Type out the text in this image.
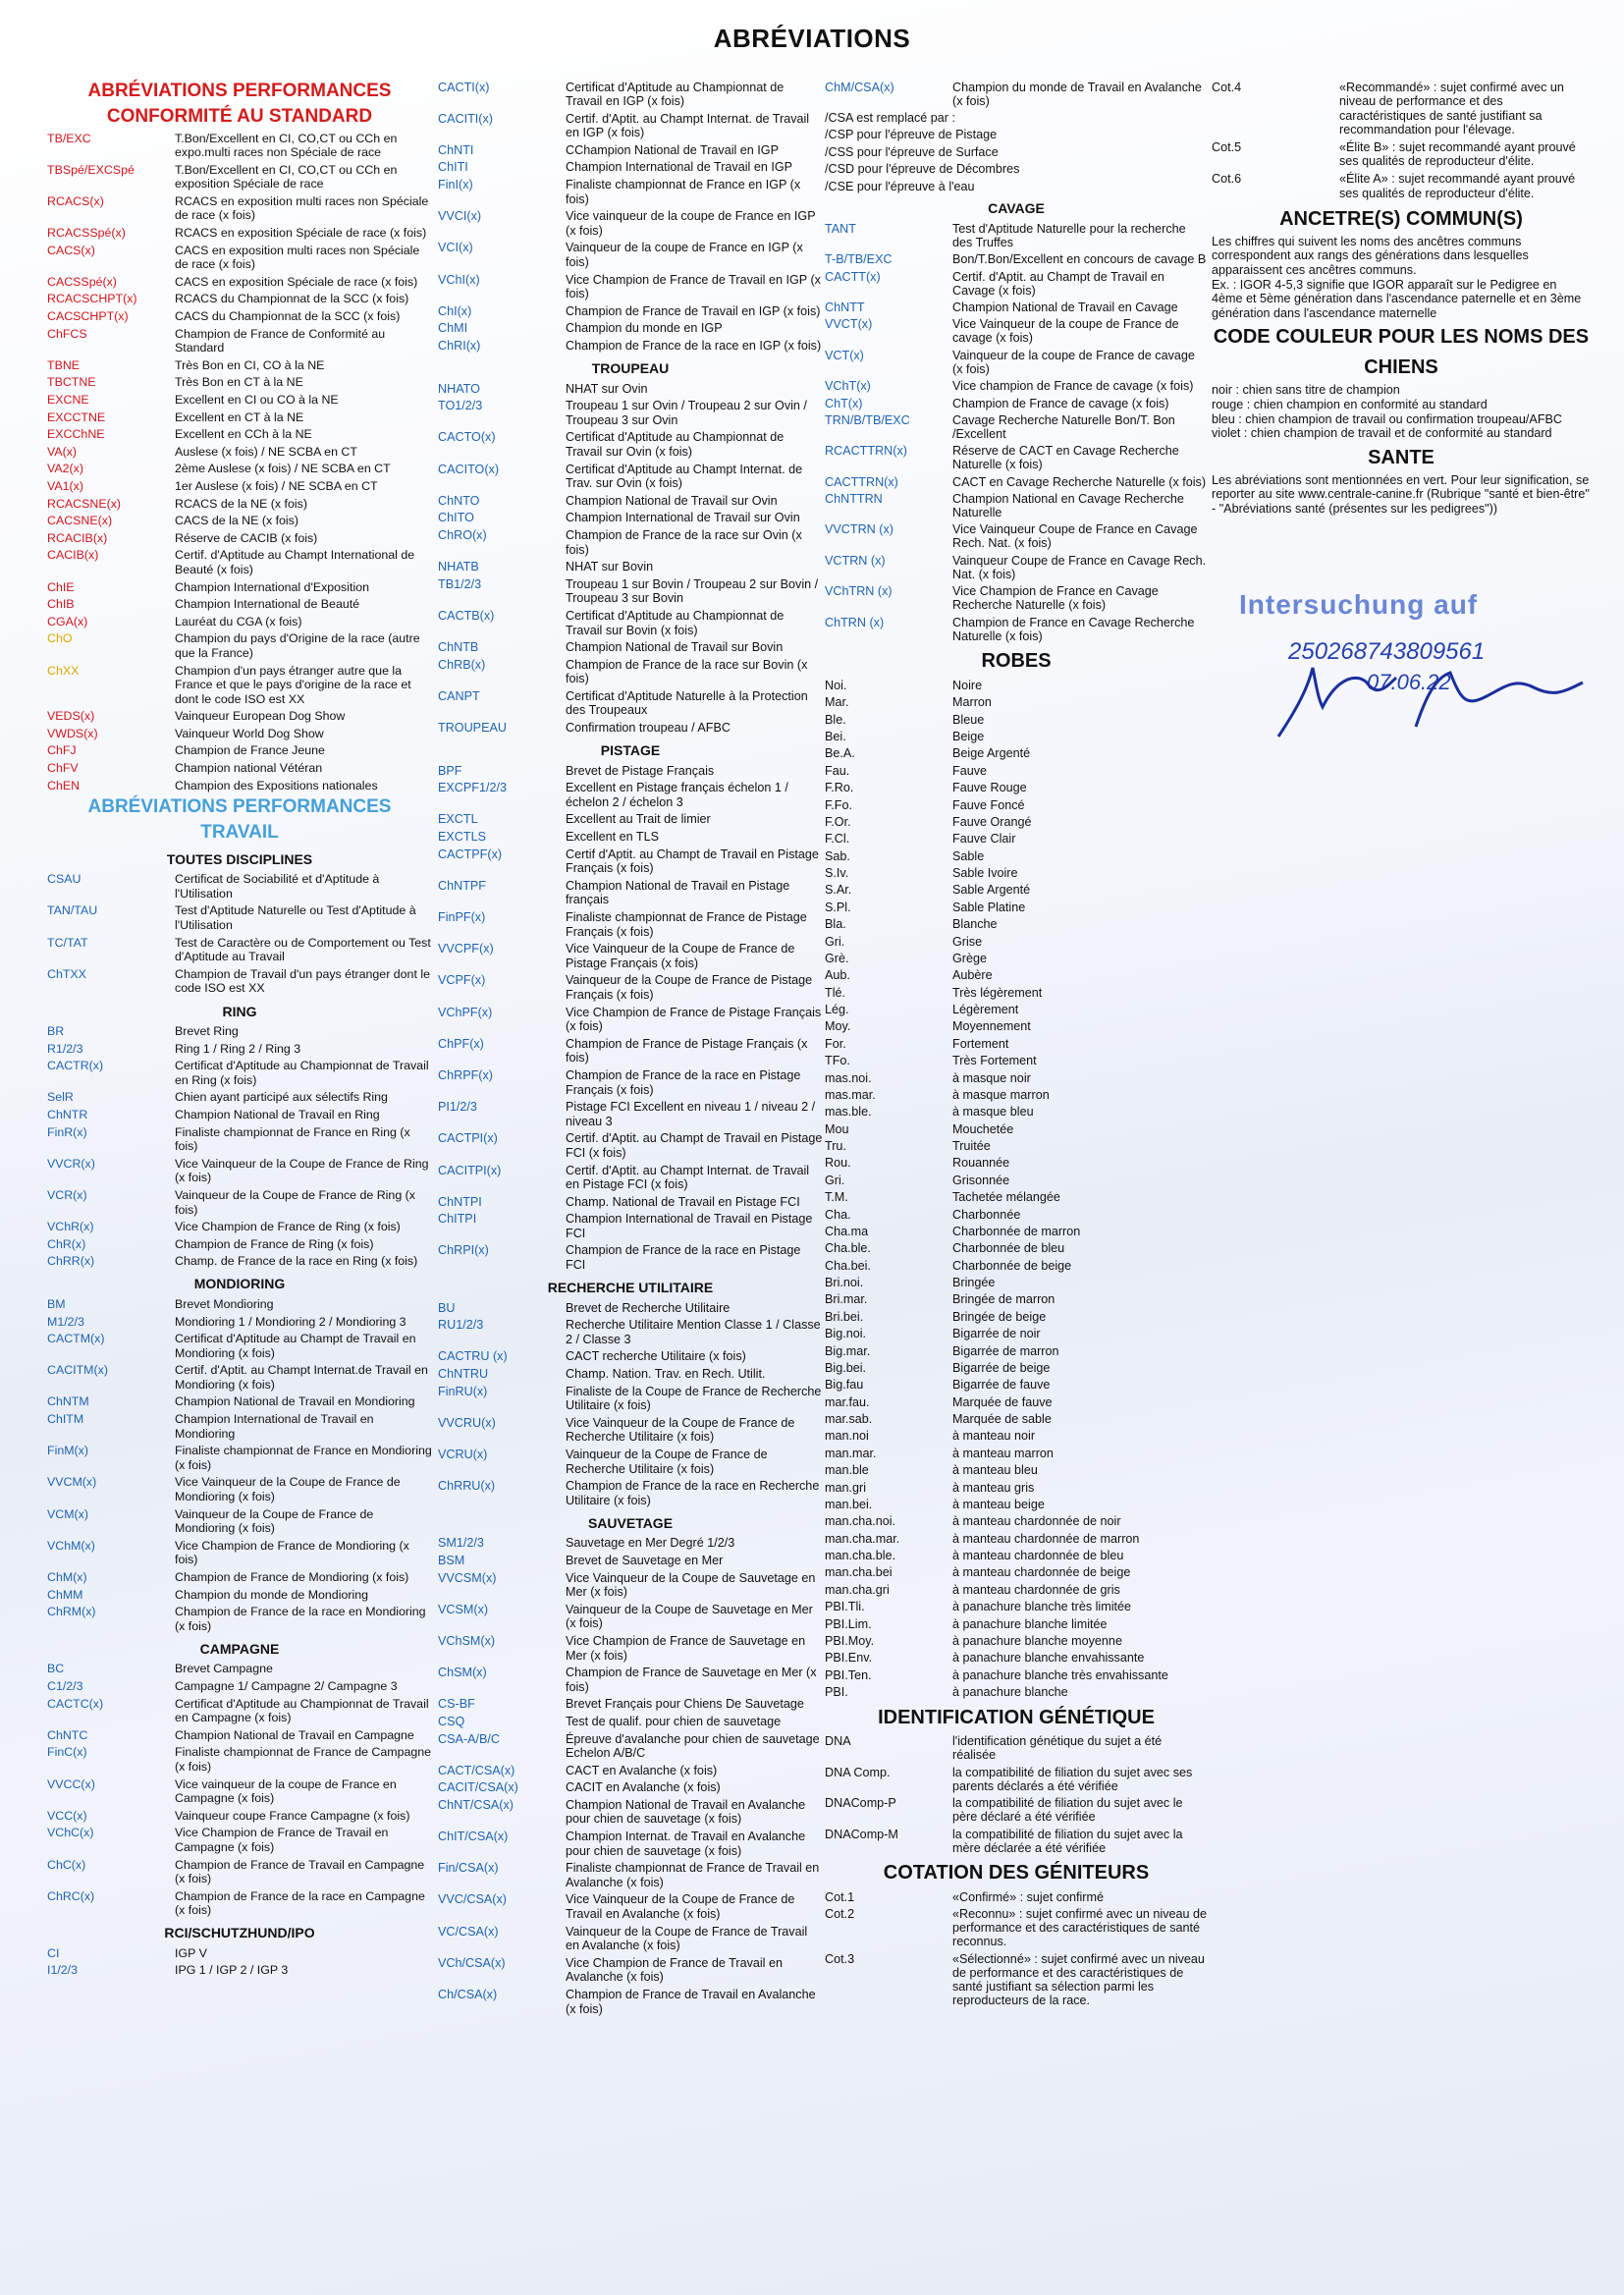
ABRÉVIATIONS
ABRÉVIATIONS PERFORMANCES
CONFORMITÉ AU STANDARD
TB/EXC	T.Bon/Excellent en CI, CO,CT ou CCh en expo.multi races non Spéciale de race
TBSpé/EXCSpé	T.Bon/Excellent en CI, CO,CT ou CCh en exposition Spéciale de race
RCACS(x)	RCACS en exposition multi races non Spéciale de race (x fois)
RCACSSpé(x)	RCACS en exposition Spéciale de race (x fois)
CACS(x)	CACS en exposition multi races non Spéciale de race (x fois)
CACSSpé(x)	CACS en exposition Spéciale de race (x fois)
RCACSCHPT(x)	RCACS du Championnat de la SCC (x fois)
CACSCHPT(x)	CACS du Championnat de la SCC (x fois)
ChFCS	Champion de France de Conformité au Standard
TBNE	Très Bon en CI, CO à la NE
TBCTNE	Très Bon en CT à la NE
EXCNE	Excellent en CI ou CO à la NE
EXCCTNE	Excellent en CT à la NE
EXCChNE	Excellent en CCh à la NE
VA(x)	Auslese (x fois) / NE SCBA en CT
VA2(x)	2ème Auslese (x fois) / NE SCBA en CT
VA1(x)	1er Auslese (x fois) / NE SCBA en CT
RCACSNE(x)	RCACS de la NE (x fois)
CACSNE(x)	CACS de la NE (x fois)
RCACIB(x)	Réserve de CACIB (x fois)
CACIB(x)	Certif. d'Aptitude au Champt International de Beauté (x fois)
ChIE	Champion International d'Exposition
ChIB	Champion International de Beauté
CGA(x)	Lauréat du CGA (x fois)
ChO	Champion du pays d'Origine de la race (autre que la France)
ChXX	Champion d'un pays étranger autre que la France et que le pays d'origine de la race et dont le code ISO est XX
VEDS(x)	Vainqueur European Dog Show
VWDS(x)	Vainqueur World Dog Show
ChFJ	Champion de France Jeune
ChFV	Champion national Vétéran
ChEN	Champion des Expositions nationales
ABRÉVIATIONS PERFORMANCES
TRAVAIL
TOUTES DISCIPLINES
CSAU	Certificat de Sociabilité et d'Aptitude à l'Utilisation
TAN/TAU	Test d'Aptitude Naturelle ou Test d'Aptitude à l'Utilisation
TC/TAT	Test de Caractère ou de Comportement ou Test d'Aptitude au Travail
ChTXX	Champion de Travail d'un pays étranger dont le code ISO est XX
RING
BR	Brevet Ring
R1/2/3	Ring 1 / Ring 2 / Ring 3
CACTR(x)	Certificat d'Aptitude au Championnat de Travail en Ring (x fois)
SelR	Chien ayant participé aux sélectifs Ring
ChNTR	Champion National de Travail en Ring
FinR(x)	Finaliste championnat de France en Ring (x fois)
VVCR(x)	Vice Vainqueur de la Coupe de France de Ring (x fois)
VCR(x)	Vainqueur de la Coupe de France de Ring (x fois)
VChR(x)	Vice Champion de France de Ring (x fois)
ChR(x)	Champion de France de Ring (x fois)
ChRR(x)	Champ. de France de la race en Ring (x fois)
MONDIORING
BM	Brevet Mondioring
M1/2/3	Mondioring 1 / Mondioring 2 / Mondioring 3
CACTM(x)	Certificat d'Aptitude au Champt de Travail en Mondioring (x fois)
CACITM(x)	Certif. d'Aptit. au Champt Internat.de Travail en Mondioring (x fois)
ChNTM	Champion National de Travail en Mondioring
ChITM	Champion International de Travail en Mondioring
FinM(x)	Finaliste championnat de France en Mondioring (x fois)
VVCM(x)	Vice Vainqueur de la Coupe de France de Mondioring (x fois)
VCM(x)	Vainqueur de la Coupe de France de Mondioring (x fois)
VChM(x)	Vice Champion de France de Mondioring (x fois)
ChM(x)	Champion de France de Mondioring (x fois)
ChMM	Champion du monde de Mondioring
ChRM(x)	Champion de France de la race en Mondioring (x fois)
CAMPAGNE
BC	Brevet Campagne
C1/2/3	Campagne 1/ Campagne 2/ Campagne 3
CACTC(x)	Certificat d'Aptitude au Championnat de Travail en Campagne (x fois)
ChNTC	Champion National de Travail en Campagne
FinC(x)	Finaliste championnat de France de Campagne (x fois)
VVCC(x)	Vice vainqueur de la coupe de France en Campagne (x fois)
VCC(x)	Vainqueur coupe France Campagne (x fois)
VChC(x)	Vice Champion de France de Travail en Campagne (x fois)
ChC(x)	Champion de France de Travail en Campagne (x fois)
ChRC(x)	Champion de France de la race en Campagne (x fois)
RCI/SCHUTZHUND/IPO
CI	IGP V
I1/2/3	IPG 1 / IGP 2 / IGP 3
CACTI(x)	Certificat d'Aptitude au Championnat de Travail en IGP (x fois)
CACITI(x)	Certif. d'Aptit. au Champt Internat. de Travail en IGP (x fois)
ChNTI	CChampion National de Travail en IGP
ChITI	Champion International de Travail en IGP
FinI(x)	Finaliste championnat de France en IGP (x fois)
VVCI(x)	Vice vainqueur de la coupe de France en IGP (x fois)
VCI(x)	Vainqueur de la coupe de France en IGP (x fois)
VChI(x)	Vice Champion de France de Travail en IGP (x fois)
ChI(x)	Champion de France de Travail en IGP (x fois)
ChMI	Champion du monde en IGP
ChRI(x)	Champion de France de la race en IGP (x fois)
TROUPEAU
NHATO	NHAT sur Ovin
TO1/2/3	Troupeau 1 sur Ovin / Troupeau 2 sur Ovin / Troupeau 3 sur Ovin
CACTO(x)	Certificat d'Aptitude au Championnat de Travail sur Ovin (x fois)
CACITO(x)	Certificat d'Aptitude au Champt Internat. de Trav. sur Ovin (x fois)
ChNTO	Champion National de Travail sur Ovin
ChITO	Champion International de Travail sur Ovin
ChRO(x)	Champion de France de la race sur Ovin (x fois)
NHATB	NHAT sur Bovin
TB1/2/3	Troupeau 1 sur Bovin / Troupeau 2 sur Bovin / Troupeau 3 sur Bovin
CACTB(x)	Certificat d'Aptitude au Championnat de Travail sur Bovin (x fois)
ChNTB	Champion National de Travail sur Bovin
ChRB(x)	Champion de France de la race sur Bovin (x fois)
CANPT	Certificat d'Aptitude Naturelle à la Protection des Troupeaux
TROUPEAU	Confirmation troupeau / AFBC
PISTAGE
BPF	Brevet de Pistage Français
EXCPF1/2/3	Excellent en Pistage français échelon 1 / échelon 2 / échelon 3
EXCTL	Excellent au Trait de limier
EXCTLS	Excellent en TLS
CACTPF(x)	Certif d'Aptit. au Champt de Travail en Pistage Français (x fois)
ChNTPF	Champion National de Travail en Pistage français
FinPF(x)	Finaliste championnat de France de Pistage Français (x fois)
VVCPF(x)	Vice Vainqueur de la Coupe de France de Pistage Français (x fois)
VCPF(x)	Vainqueur de la Coupe de France de Pistage Français (x fois)
VChPF(x)	Vice Champion de France de Pistage Français (x fois)
ChPF(x)	Champion de France de Pistage Français (x fois)
ChRPF(x)	Champion de France de la race en Pistage Français (x fois)
PI1/2/3	Pistage FCI Excellent en niveau 1 / niveau 2 / niveau 3
CACTPI(x)	Certif. d'Aptit. au Champt de Travail en Pistage FCI (x fois)
CACITPI(x)	Certif. d'Aptit. au Champt Internat. de Travail en Pistage FCI (x fois)
ChNTPI	Champ. National de Travail en Pistage FCI
ChITPI	Champion International de Travail en Pistage FCI
ChRPI(x)	Champion de France de la race en Pistage FCI
RECHERCHE UTILITAIRE
BU	Brevet de Recherche Utilitaire
RU1/2/3	Recherche Utilitaire Mention Classe 1 / Classe 2 / Classe 3
CACTRU (x)	CACT recherche Utilitaire (x fois)
ChNTRU	Champ. Nation. Trav. en Rech. Utilit.
FinRU(x)	Finaliste de la Coupe de France de Recherche Utilitaire (x fois)
VVCRU(x)	Vice Vainqueur de la Coupe de France de Recherche Utilitaire (x fois)
VCRU(x)	Vainqueur de la Coupe de France de Recherche Utilitaire (x fois)
ChRRU(x)	Champion de France de la race en Recherche Utilitaire (x fois)
SAUVETAGE
SM1/2/3	Sauvetage en Mer Degré 1/2/3
BSM	Brevet de Sauvetage en Mer
VVCSM(x)	Vice Vainqueur de la Coupe de Sauvetage en Mer (x fois)
VCSM(x)	Vainqueur de la Coupe de Sauvetage en Mer (x fois)
VChSM(x)	Vice Champion de France de Sauvetage en Mer (x fois)
ChSM(x)	Champion de France de Sauvetage en Mer (x fois)
CS-BF	Brevet Français pour Chiens De Sauvetage
CSQ	Test de qualif. pour chien de sauvetage
CSA-A/B/C	Épreuve d'avalanche pour chien de sauvetage Echelon A/B/C
CACT/CSA(x)	CACT en Avalanche (x fois)
CACIT/CSA(x)	CACIT en Avalanche (x fois)
ChNT/CSA(x)	Champion National de Travail en Avalanche pour chien de sauvetage (x fois)
ChIT/CSA(x)	Champion Internat. de Travail en Avalanche pour chien de sauvetage (x fois)
Fin/CSA(x)	Finaliste championnat de France de Travail en Avalanche (x fois)
VVC/CSA(x)	Vice Vainqueur de la Coupe de France de Travail en Avalanche (x fois)
VC/CSA(x)	Vainqueur de la Coupe de France de Travail en Avalanche (x fois)
VCh/CSA(x)	Vice Champion de France de Travail en Avalanche (x fois)
Ch/CSA(x)	Champion de France de Travail en Avalanche (x fois)
ChM/CSA(x)	Champion du monde de Travail en Avalanche (x fois)
/CSA est remplacé par :
/CSP pour l'épreuve de Pistage
/CSS pour l'épreuve de Surface
/CSD pour l'épreuve de Décombres
/CSE pour l'épreuve à l'eau
CAVAGE
TANT	Test d'Aptitude Naturelle pour la recherche des Truffes
T-B/TB/EXC	Bon/T.Bon/Excellent en concours de cavage B
CACTT(x)	Certif. d'Aptit. au Champt de Travail en Cavage (x fois)
ChNTT	Champion National de Travail en Cavage
VVCT(x)	Vice Vainqueur de la coupe de France de cavage (x fois)
VCT(x)	Vainqueur de la coupe de France de cavage (x fois)
VChT(x)	Vice champion de France de cavage (x fois)
ChT(x)	Champion de France de cavage (x fois)
TRN/B/TB/EXC	Cavage Recherche Naturelle Bon/T. Bon /Excellent
RCACTTRN(x)	Réserve de CACT en Cavage Recherche Naturelle (x fois)
CACTTRN(x)	CACT en Cavage Recherche Naturelle (x fois)
ChNTTRN	Champion National en Cavage Recherche Naturelle
VVCTRN (x)	Vice Vainqueur Coupe de France en Cavage Rech. Nat. (x fois)
VCTRN (x)	Vainqueur Coupe de France en Cavage Rech. Nat. (x fois)
VChTRN (x)	Vice Champion de France en Cavage Recherche Naturelle (x fois)
ChTRN (x)	Champion de France en Cavage Recherche Naturelle (x fois)
ROBES
Noi.	Noire
Mar.	Marron
Ble.	Bleue
Bei.	Beige
Be.A.	Beige Argenté
Fau.	Fauve
F.Ro.	Fauve Rouge
F.Fo.	Fauve Foncé
F.Or.	Fauve Orangé
F.Cl.	Fauve Clair
Sab.	Sable
S.Iv.	Sable Ivoire
S.Ar.	Sable Argenté
S.Pl.	Sable Platine
Bla.	Blanche
Gri.	Grise
Grè.	Grège
Aub.	Aubère
Tlé.	Très légèrement
Lég.	Légèrement
Moy.	Moyennement
For.	Fortement
TFo.	Très Fortement
mas.noi.	à masque noir
mas.mar.	à masque marron
mas.ble.	à masque bleu
Mou	Mouchetée
Tru.	Truitée
Rou.	Rouannée
Gri.	Grisonnée
T.M.	Tachetée mélangée
Cha.	Charbonnée
Cha.ma	Charbonnée de marron
Cha.ble.	Charbonnée de bleu
Cha.bei.	Charbonnée de beige
Bri.noi.	Bringée
Bri.mar.	Bringée de marron
Bri.bei.	Bringée de beige
Big.noi.	Bigarrée de noir
Big.mar.	Bigarrée de marron
Big.bei.	Bigarrée de beige
Big.fau	Bigarrée de fauve
mar.fau.	Marquée de fauve
mar.sab.	Marquée de sable
man.noi	à manteau noir
man.mar.	à manteau marron
man.ble	à manteau bleu
man.gri	à manteau gris
man.bei.	à manteau beige
man.cha.noi.	à manteau chardonnée de noir
man.cha.mar.	à manteau chardonnée de marron
man.cha.ble.	à manteau chardonnée de bleu
man.cha.bei	à manteau chardonnée de beige
man.cha.gri	à manteau chardonnée de gris
PBI.Tli.	à panachure blanche très limitée
PBI.Lim.	à panachure blanche limitée
PBI.Moy.	à panachure blanche moyenne
PBI.Env.	à panachure blanche envahissante
PBI.Ten.	à panachure blanche très envahissante
PBI.	à panachure blanche
IDENTIFICATION GÉNÉTIQUE
DNA	l'identification génétique du sujet a été réalisée
DNA Comp.	la compatibilité de filiation du sujet avec ses parents déclarés a été vérifiée
DNAComp-P	la compatibilité de filiation du sujet avec le père déclaré a été vérifiée
DNAComp-M	la compatibilité de filiation du sujet avec la mère déclarée a été vérifiée
COTATION DES GÉNITEURS
Cot.1	«Confirmé» : sujet confirmé
Cot.2	«Reconnu» : sujet confirmé avec un niveau de performance et des caractéristiques de santé reconnus.
Cot.3	«Sélectionné» : sujet confirmé avec un niveau de performance et des caractéristiques de santé justifiant sa sélection parmi les reproducteurs de la race.
Cot.4	«Recommandé» : sujet confirmé avec un niveau de performance et des caractéristiques de santé justifiant sa recommandation pour l'élevage.
Cot.5	«Élite B» : sujet recommandé ayant prouvé ses qualités de reproducteur d'élite.
Cot.6	«Élite A» : sujet recommandé ayant prouvé ses qualités de reproducteur d'élite.
ANCETRE(S) COMMUN(S)
Les chiffres qui suivent les noms des ancêtres communs correspondent aux rangs des générations dans lesquelles apparaissent ces ancêtres communs.
Ex. : IGOR 4-5,3 signifie que IGOR apparaît sur le Pedigree en 4ème et 5ème génération dans l'ascendance paternelle et en 3ème génération dans l'ascendance maternelle
CODE COULEUR POUR LES NOMS DES
CHIENS
noir : chien sans titre de champion
rouge : chien champion en conformité au standard
bleu : chien champion de travail ou confirmation troupeau/AFBC
violet : chien champion de travail et de conformité au standard
SANTE
Les abréviations sont mentionnées en vert. Pour leur signification, se reporter au site www.centrale-canine.fr (Rubrique "santé et bien-être" - "Abréviations santé (présentes sur les pedigrees"))
Intersuchung auf
250268743809561
07.06.22
